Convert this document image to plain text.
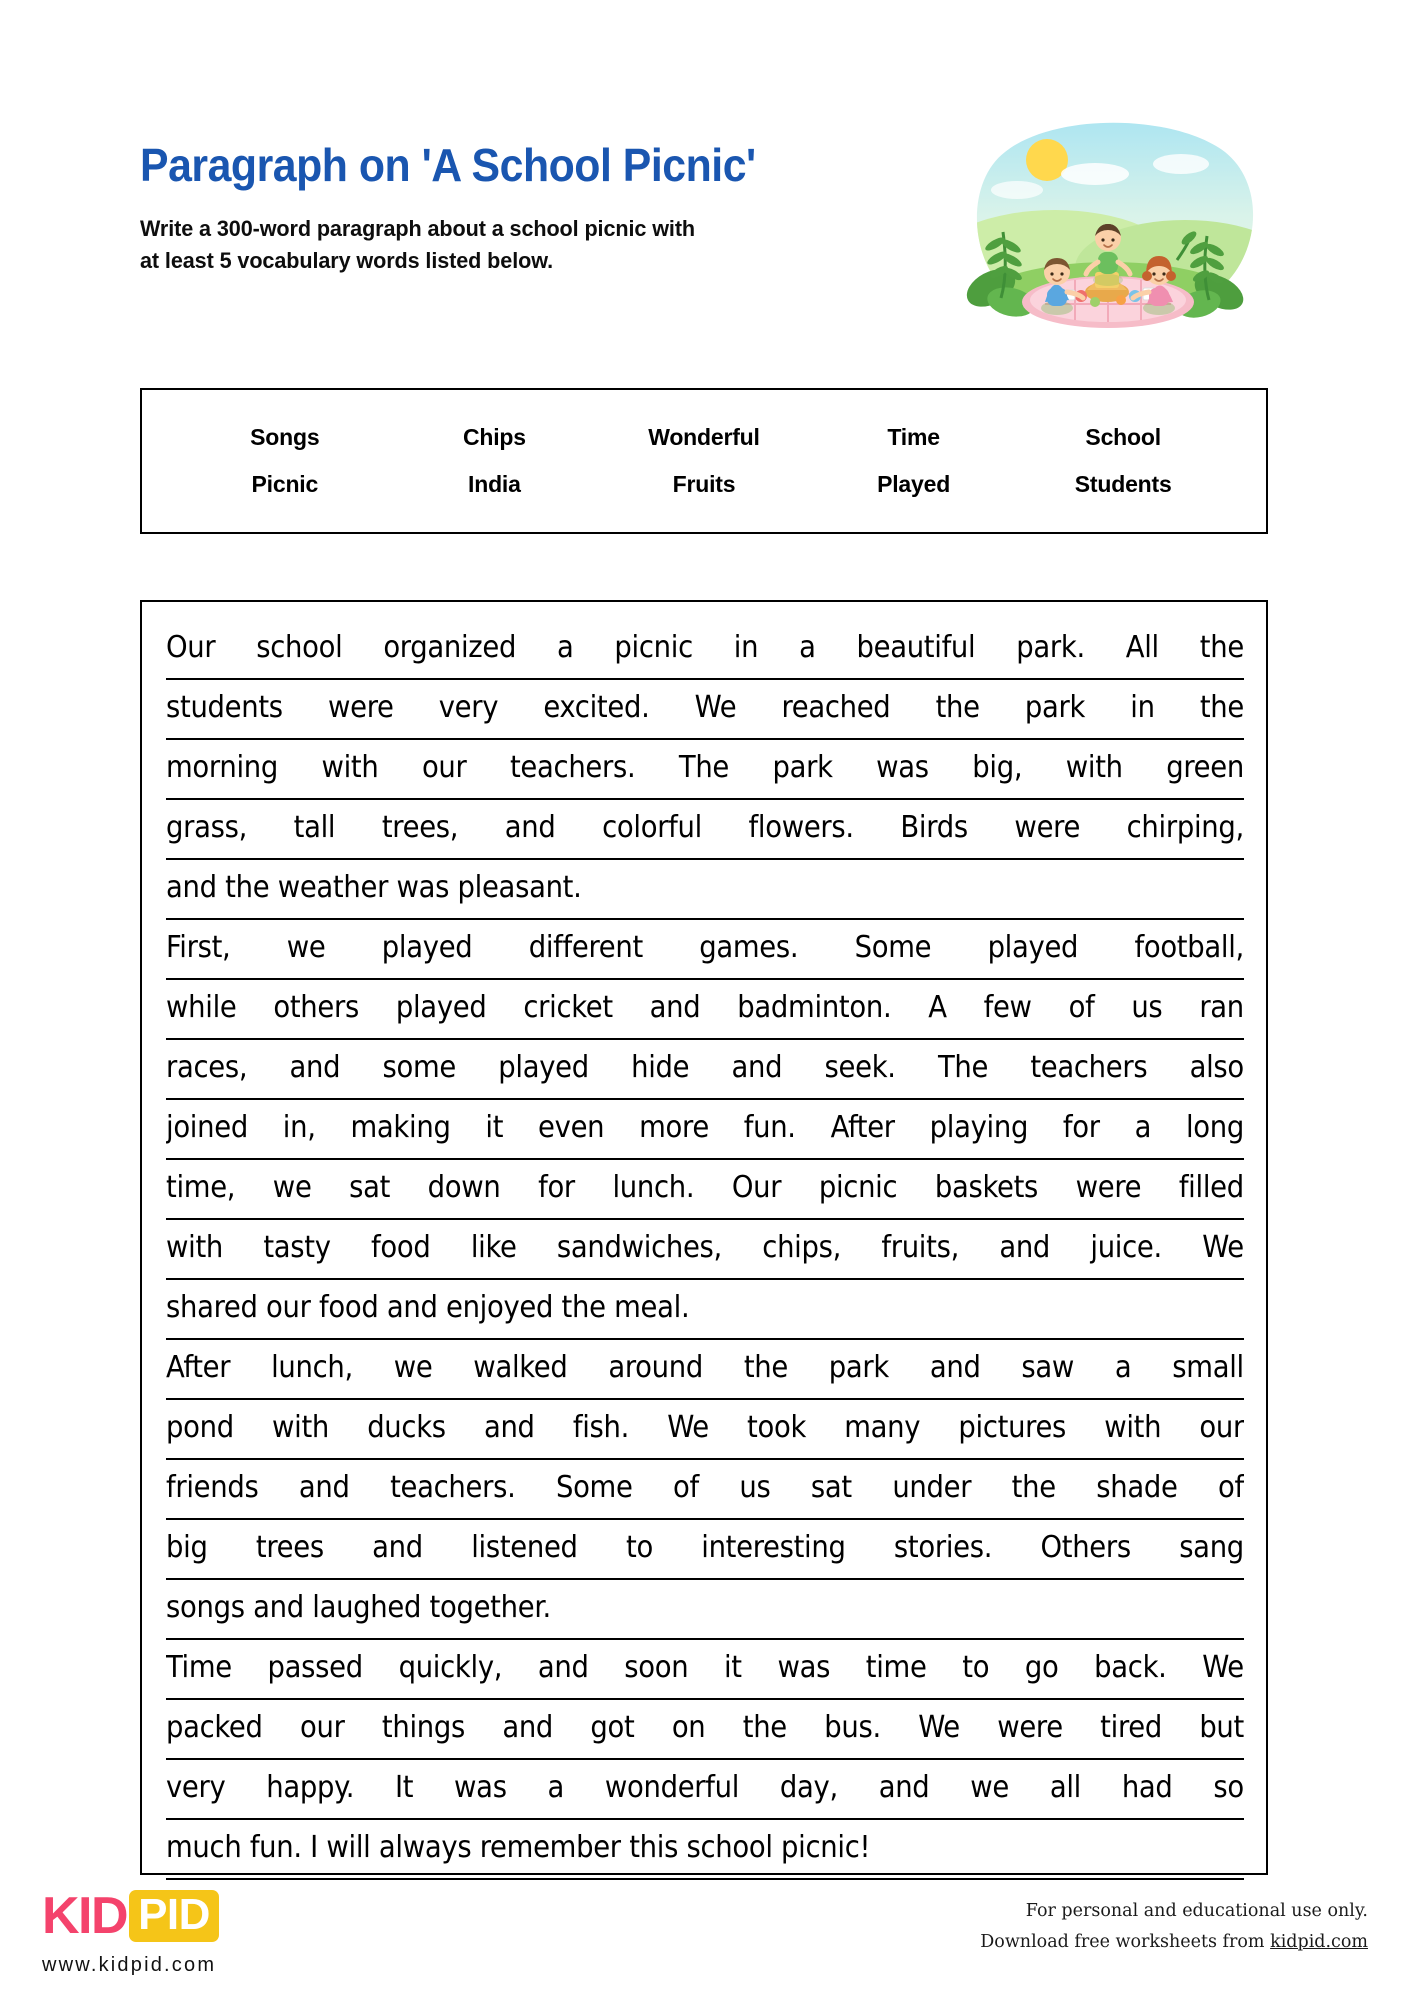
Paragraph on 'A School Picnic'
Write a 300-word paragraph about a school picnic with
at least 5 vocabulary words listed below.
Songs	Chips	Wonderful	Time	School
Picnic	India	Fruits	Played	Students
Our school organized a picnic in a beautiful park. All the
students were very excited. We reached the park in the
morning with our teachers. The park was big, with green
grass, tall trees, and colorful flowers. Birds were chirping,
and the weather was pleasant.
First, we played different games. Some played football,
while others played cricket and badminton. A few of us ran
races, and some played hide and seek. The teachers also
joined in, making it even more fun. After playing for a long
time, we sat down for lunch. Our picnic baskets were filled
with tasty food like sandwiches, chips, fruits, and juice. We
shared our food and enjoyed the meal.
After lunch, we walked around the park and saw a small
pond with ducks and fish. We took many pictures with our
friends and teachers. Some of us sat under the shade of
big trees and listened to interesting stories. Others sang
songs and laughed together.
Time passed quickly, and soon it was time to go back. We
packed our things and got on the bus. We were tired but
very happy. It was a wonderful day, and we all had so
much fun. I will always remember this school picnic!
KID PID
www.kidpid.com
For personal and educational use only.
Download free worksheets from kidpid.com
